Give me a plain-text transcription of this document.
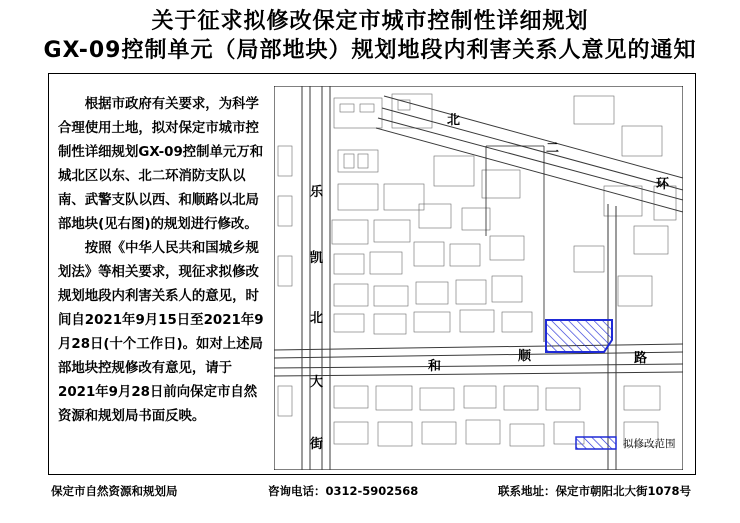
关于征求拟修改保定市城市控制性详细规划
GX-09控制单元（局部地块）规划地段内利害关系人意见的通知

根据市政府有关要求，为科学合理使用土地，拟对保定市城市控制性详细规划GX-09控制单元万和城北区以东、北二环消防支队以南、武警支队以西、和顺路以北局部地块(见右图)的规划进行修改。

按照《中华人民共和国城乡规划法》等相关要求，现征求拟修改规划地段内利害关系人的意见，时间自2021年9月15日至2021年9月28日(十个工作日)。如对上述局部地块控规修改有意见，请于2021年9月28日前向保定市自然资源和规划局书面反映。

北
二
环
乐
凯
北
大
街
和
顺	路
拟修改范围
保定市自然资源和规划局	咨询电话：0312-5902568	联系地址：保定市朝阳北大街1078号
